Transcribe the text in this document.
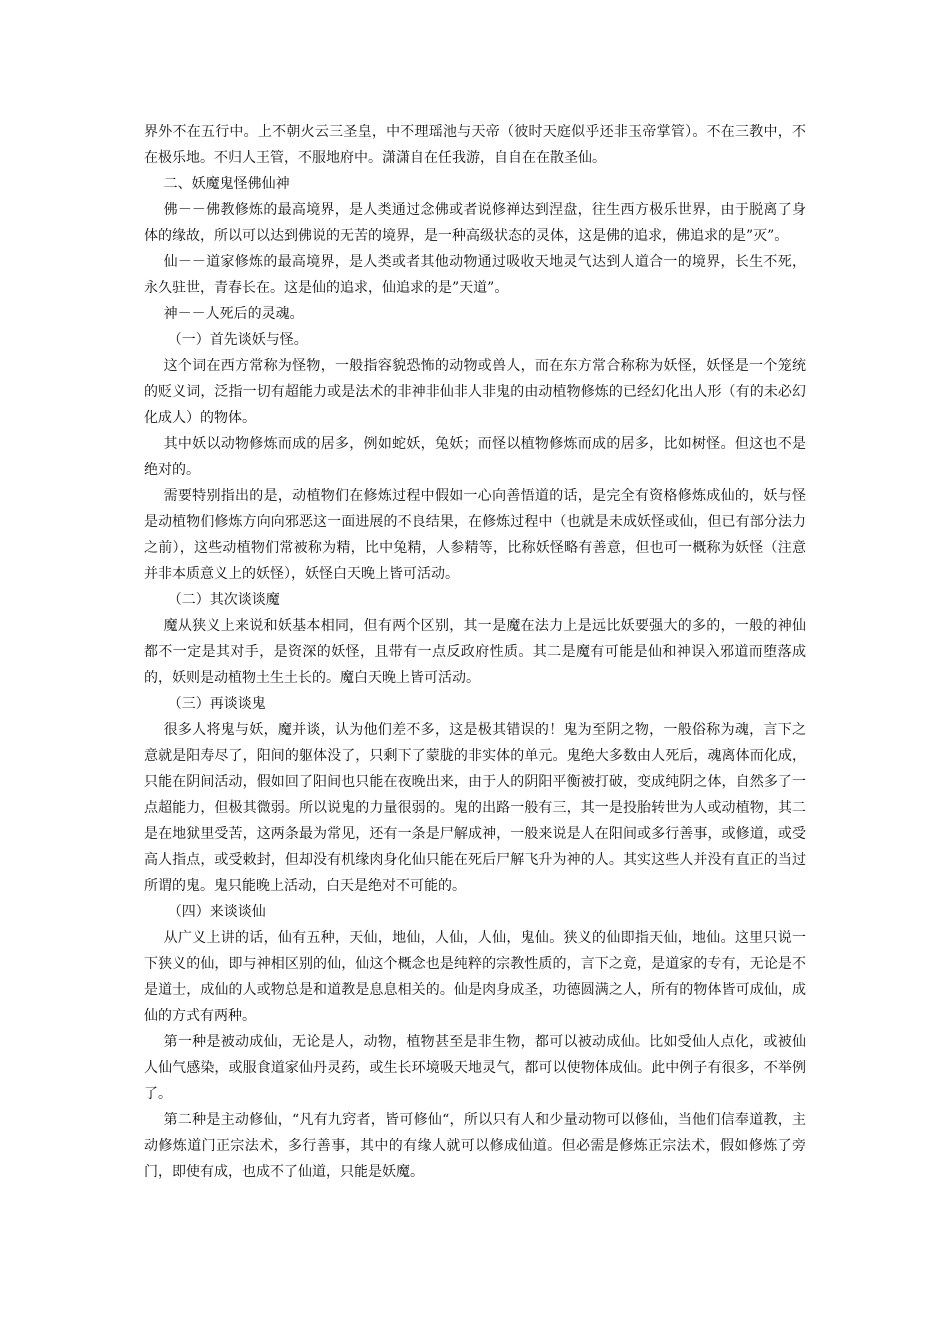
界外不在五行中。上不朝火云三圣皇，中不理瑶池与天帝（彼时天庭似乎还非玉帝掌管）。不在三教中，不在极乐地。不归人王管，不服地府中。潇潇自在任我游，自自在在散圣仙。

二、妖魔鬼怪佛仙神

佛－－佛教修炼的最高境界，是人类通过念佛或者说修禅达到涅盘，往生西方极乐世界，由于脱离了身体的缘故，所以可以达到佛说的无苦的境界，是一种高级状态的灵体，这是佛的追求，佛追求的是”灭”。

仙－－道家修炼的最高境界，是人类或者其他动物通过吸收天地灵气达到人道合一的境界，长生不死，永久驻世，青春长在。这是仙的追求，仙追求的是”天道”。

神－－人死后的灵魂。

（一）首先谈妖与怪。

这个词在西方常称为怪物，一般指容貌恐怖的动物或兽人，而在东方常合称称为妖怪，妖怪是一个笼统的贬义词，泛指一切有超能力或是法术的非神非仙非人非鬼的由动植物修炼的已经幻化出人形（有的未必幻化成人）的物体。

其中妖以动物修炼而成的居多，例如蛇妖，兔妖；而怪以植物修炼而成的居多，比如树怪。但这也不是绝对的。

需要特别指出的是，动植物们在修炼过程中假如一心向善悟道的话，是完全有资格修炼成仙的，妖与怪是动植物们修炼方向向邪恶这一面进展的不良结果，在修炼过程中（也就是未成妖怪或仙，但已有部分法力之前），这些动植物们常被称为精，比中兔精，人参精等，比称妖怪略有善意，但也可一概称为妖怪（注意并非本质意义上的妖怪），妖怪白天晚上皆可活动。

（二）其次谈谈魔

魔从狭义上来说和妖基本相同，但有两个区别，其一是魔在法力上是远比妖要强大的多的，一般的神仙都不一定是其对手，是资深的妖怪，且带有一点反政府性质。其二是魔有可能是仙和神误入邪道而堕落成的，妖则是动植物土生土长的。魔白天晚上皆可活动。

（三）再谈谈鬼

很多人将鬼与妖，魔并谈，认为他们差不多，这是极其错误的！鬼为至阴之物，一般俗称为魂，言下之意就是阳寿尽了，阳间的躯体没了，只剩下了蒙胧的非实体的单元。鬼绝大多数由人死后，魂离体而化成，只能在阴间活动，假如回了阳间也只能在夜晚出来，由于人的阴阳平衡被打破，变成纯阴之体，自然多了一点超能力，但极其微弱。所以说鬼的力量很弱的。鬼的出路一般有三，其一是投胎转世为人或动植物，其二是在地狱里受苦，这两条最为常见，还有一条是尸解成神，一般来说是人在阳间或多行善事，或修道，或受高人指点，或受敕封，但却没有机缘肉身化仙只能在死后尸解飞升为神的人。其实这些人并没有直正的当过所谓的鬼。鬼只能晚上活动，白天是绝对不可能的。

（四）来谈谈仙

从广义上讲的话，仙有五种，天仙，地仙，人仙，人仙，鬼仙。狭义的仙即指天仙，地仙。这里只说一下狭义的仙，即与神相区别的仙，仙这个概念也是纯粹的宗教性质的，言下之竟，是道家的专有，无论是不是道士，成仙的人或物总是和道教是息息相关的。仙是肉身成圣，功德圆满之人，所有的物体皆可成仙，成仙的方式有两种。

第一种是被动成仙，无论是人，动物，植物甚至是非生物，都可以被动成仙。比如受仙人点化，或被仙人仙气感染，或服食道家仙丹灵药，或生长环境吸天地灵气，都可以使物体成仙。此中例子有很多，不举例了。

第二种是主动修仙，“凡有九窍者，皆可修仙“，所以只有人和少量动物可以修仙，当他们信奉道教，主动修炼道门正宗法术，多行善事，其中的有缘人就可以修成仙道。但必需是修炼正宗法术，假如修炼了旁门，即使有成，也成不了仙道，只能是妖魔。
